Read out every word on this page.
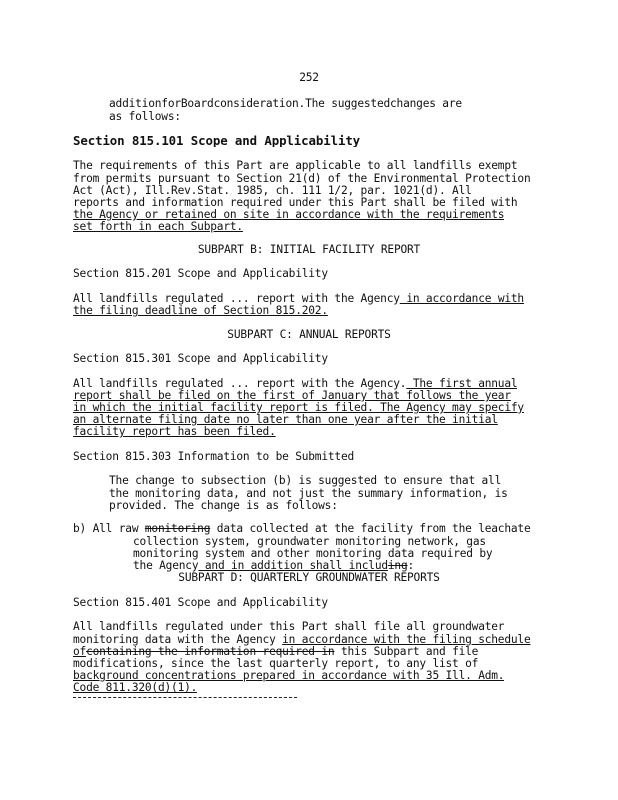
252
additionforBoardconsideration.The suggestedchanges are
as follows:
Section 815.101 Scope and Applicability
The requirements of this Part are applicable to all landfills exempt
from permits pursuant to Section 21(d) of the Environmental Protection
Act (Act), Ill.Rev.Stat. 1985, ch. 111 1/2, par. 1021(d). All
reports and information required under this Part shall be filed with
the Agency or retained on site in accordance with the requirements
set forth in each Subpart.
SUBPART B: INITIAL FACILITY REPORT
Section 815.201 Scope and Applicability
All landfills regulated ... report with the Agency in accordance with
the filing deadline of Section 815.202.
SUBPART C: ANNUAL REPORTS
Section 815.301 Scope and Applicability
All landfills regulated ... report with the Agency. The first annual
report shall be filed on the first of January that follows the year
in which the initial facility report is filed. The Agency may specify
an alternate filing date no later than one year after the initial
facility report has been filed.
Section 815.303 Information to be Submitted
The change to subsection (b) is suggested to ensure that all
the monitoring data, and not just the summary information, is
provided. The change is as follows:
b) All raw monitoring data collected at the facility from the leachate
collection system, groundwater monitoring network, gas
monitoring system and other monitoring data required by
the Agency and in addition shall including:
SUBPART D: QUARTERLY GROUNDWATER REPORTS
Section 815.401 Scope and Applicability
All landfills regulated under this Part shall file all groundwater
monitoring data with the Agency in accordance with the filing schedule
ofcontaining the information required in this Subpart and file
modifications, since the last quarterly report, to any list of
background concentrations prepared in accordance with 35 Ill. Adm.
Code 811.320(d)(1).
